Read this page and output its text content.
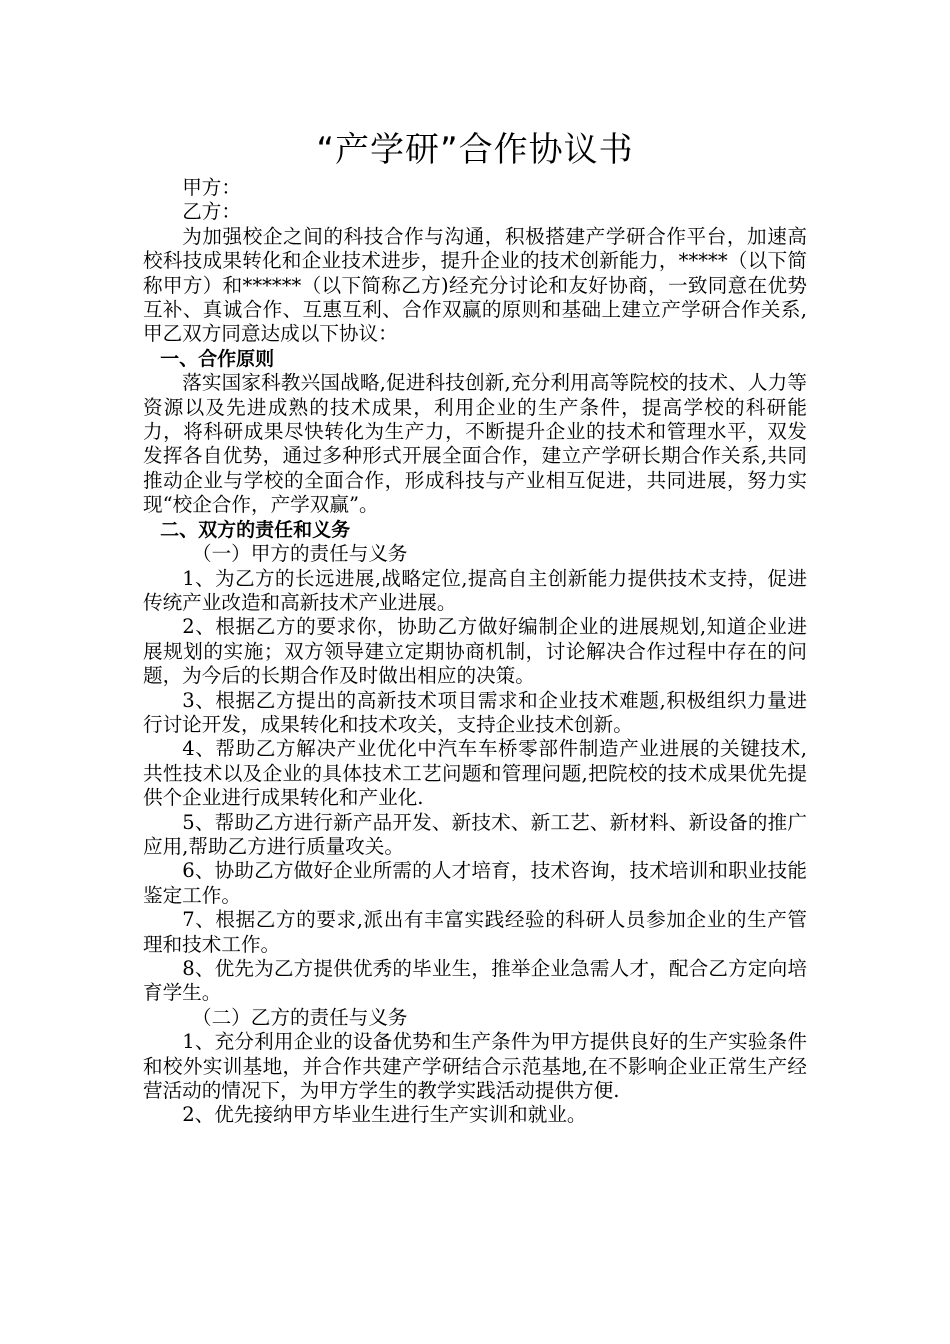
“产学研”合作协议书

甲方：

乙方：

为加强校企之间的科技合作与沟通，积极搭建产学研合作平台，加速高校科技成果转化和企业技术进步，提升企业的技术创新能力，*****（以下简称甲方）和******（以下简称乙方)经充分讨论和友好协商，一致同意在优势互补、真诚合作、互惠互利、合作双赢的原则和基础上建立产学研合作关系,甲乙双方同意达成以下协议：

一、合作原则

落实国家科教兴国战略,促进科技创新,充分利用高等院校的技术、人力等资源以及先进成熟的技术成果，利用企业的生产条件，提高学校的科研能力，将科研成果尽快转化为生产力，不断提升企业的技术和管理水平，双发发挥各自优势，通过多种形式开展全面合作，建立产学研长期合作关系,共同推动企业与学校的全面合作，形成科技与产业相互促进，共同进展，努力实现“校企合作，产学双赢”。

二、双方的责任和义务

（一）甲方的责任与义务

1、为乙方的长远进展,战略定位,提高自主创新能力提供技术支持，促进传统产业改造和高新技术产业进展。

2、根据乙方的要求你，协助乙方做好编制企业的进展规划,知道企业进展规划的实施；双方领导建立定期协商机制，讨论解决合作过程中存在的问题，为今后的长期合作及时做出相应的决策。

3、根据乙方提出的高新技术项目需求和企业技术难题,积极组织力量进行讨论开发，成果转化和技术攻关，支持企业技术创新。

4、帮助乙方解决产业优化中汽车车桥零部件制造产业进展的关键技术,共性技术以及企业的具体技术工艺问题和管理问题,把院校的技术成果优先提供个企业进行成果转化和产业化.

5、帮助乙方进行新产品开发、新技术、新工艺、新材料、新设备的推广应用,帮助乙方进行质量攻关。

6、协助乙方做好企业所需的人才培育，技术咨询，技术培训和职业技能鉴定工作。

7、根据乙方的要求,派出有丰富实践经验的科研人员参加企业的生产管理和技术工作。

8、优先为乙方提供优秀的毕业生，推举企业急需人才，配合乙方定向培育学生。

（二）乙方的责任与义务

1、充分利用企业的设备优势和生产条件为甲方提供良好的生产实验条件和校外实训基地，并合作共建产学研结合示范基地,在不影响企业正常生产经营活动的情况下，为甲方学生的教学实践活动提供方便.

2、优先接纳甲方毕业生进行生产实训和就业。
